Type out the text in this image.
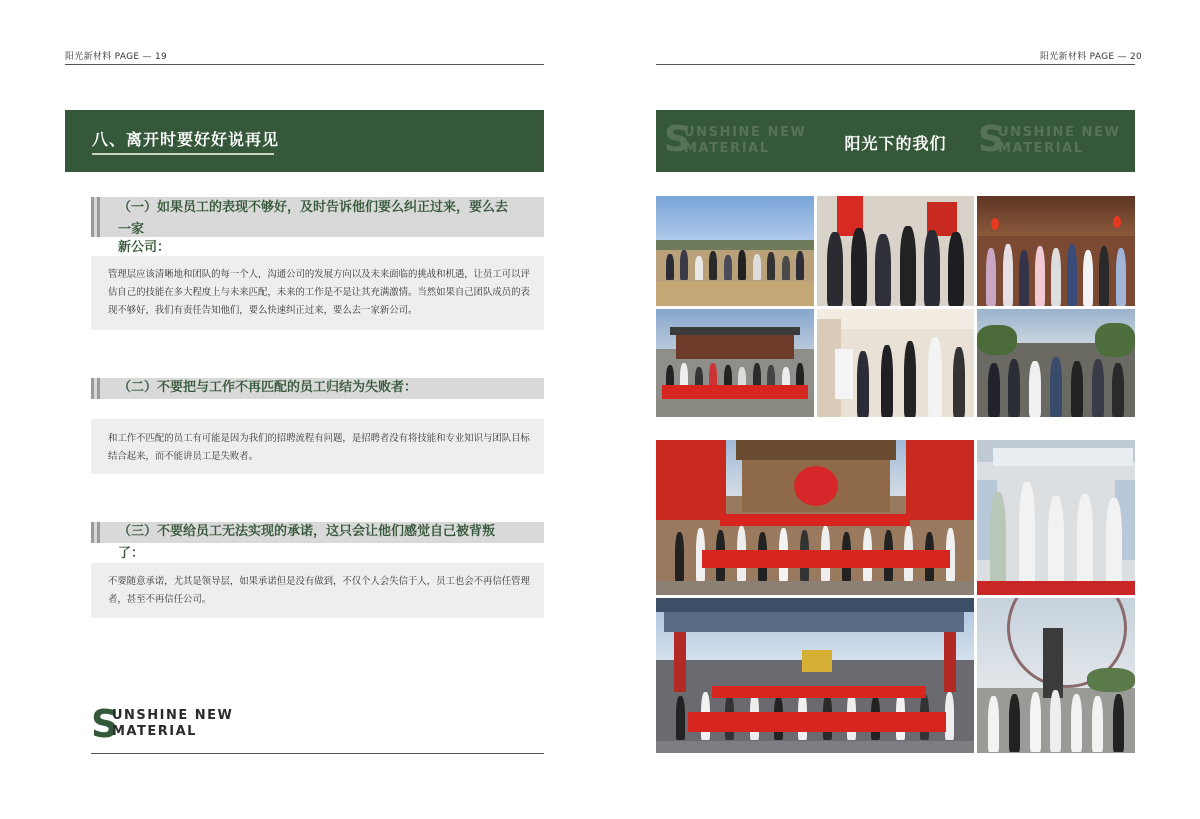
阳光新材料 PAGE — 19
八、离开时要好好说再见
（一）如果员工的表现不够好，及时告诉他们要么纠正过来，要么去一家
新公司：
管理层应该清晰地和团队的每一个人，沟通公司的发展方向以及未来面临的挑战和机遇，让员工可以评估自己的技能在多大程度上与未来匹配，未来的工作是不是让其充满激情。当然如果自己团队成员的表现不够好，我们有责任告知他们，要么快速纠正过来，要么去一家新公司。
（二）不要把与工作不再匹配的员工归结为失败者：
和工作不匹配的员工有可能是因为我们的招聘流程有问题，是招聘者没有将技能和专业知识与团队目标结合起来，而不能讲员工是失败者。
（三）不要给员工无法实现的承诺，这只会让他们感觉自己被背叛了：
不要随意承诺，尤其是领导层，如果承诺但是没有做到，不仅个人会失信于人，员工也会不再信任管理者，甚至不再信任公司。
S
UNSHINE NEW
MATERIAL
阳光新材料 PAGE — 20
S
UNSHINE NEW
MATERIAL	S
UNSHINE NEW
MATERIAL
阳光下的我们
